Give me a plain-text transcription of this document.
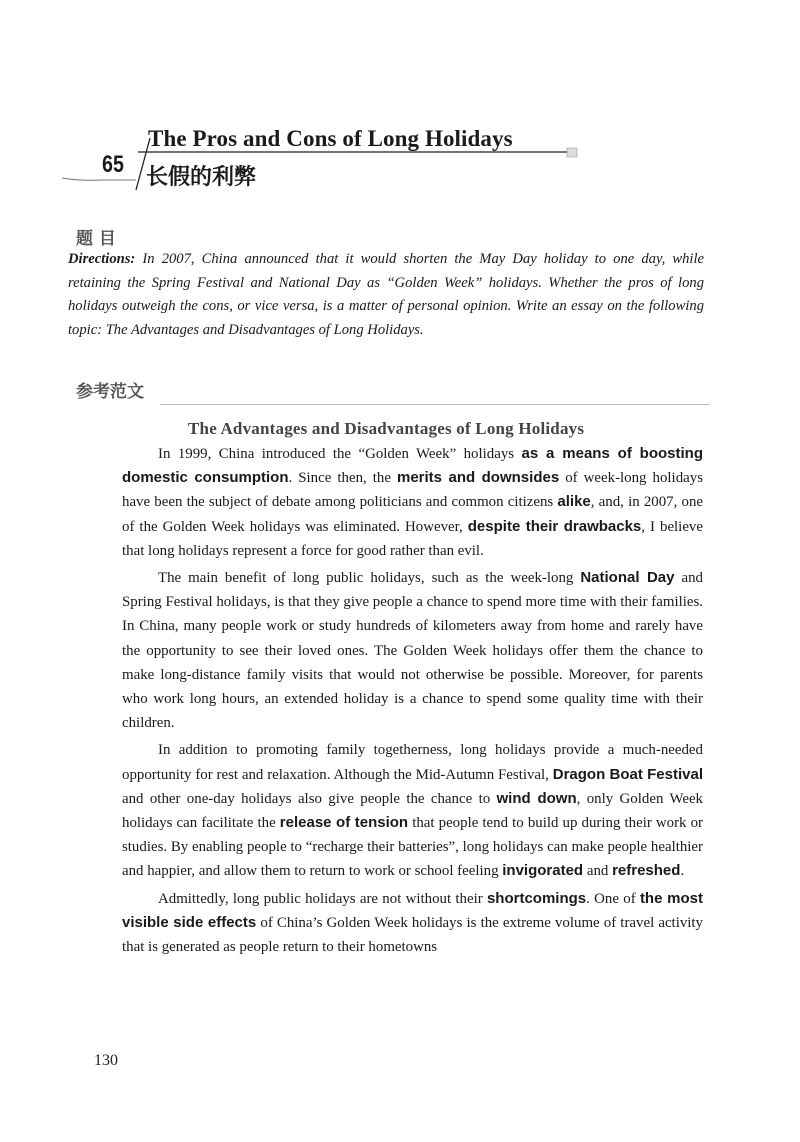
65
The Pros and Cons of Long Holidays
长假的利弊
题 目

Directions: In 2007, China announced that it would shorten the May Day holiday to one day, while retaining the Spring Festival and National Day as “Golden Week” holidays. Whether the pros of long holidays outweigh the cons, or vice versa, is a matter of personal opinion. Write an essay on the following topic: The Advantages and Disadvantages of Long Holidays.

参考范文
The Advantages and Disadvantages of Long Holidays

In 1999, China introduced the “Golden Week” holidays as a means of boosting domestic consumption. Since then, the merits and downsides of week-long holidays have been the subject of debate among politicians and common citizens alike, and, in 2007, one of the Golden Week holidays was eliminated. However, despite their drawbacks, I believe that long holidays represent a force for good rather than evil.

The main benefit of long public holidays, such as the week-long National Day and Spring Festival holidays, is that they give people a chance to spend more time with their families. In China, many people work or study hundreds of kilometers away from home and rarely have the opportunity to see their loved ones. The Golden Week holidays offer them the chance to make long-distance family visits that would not otherwise be possible. Moreover, for parents who work long hours, an extended holiday is a chance to spend some quality time with their children.

In addition to promoting family togetherness, long holidays provide a much-needed opportunity for rest and relaxation. Although the Mid-Autumn Festival, Dragon Boat Festival and other one-day holidays also give people the chance to wind down, only Golden Week holidays can facilitate the release of tension that people tend to build up during their work or studies. By enabling people to “recharge their batteries”, long holidays can make people healthier and happier, and allow them to return to work or school feeling invigorated and refreshed.

Admittedly, long public holidays are not without their shortcomings. One of the most visible side effects of China’s Golden Week holidays is the extreme volume of travel activity that is generated as people return to their hometowns

130
